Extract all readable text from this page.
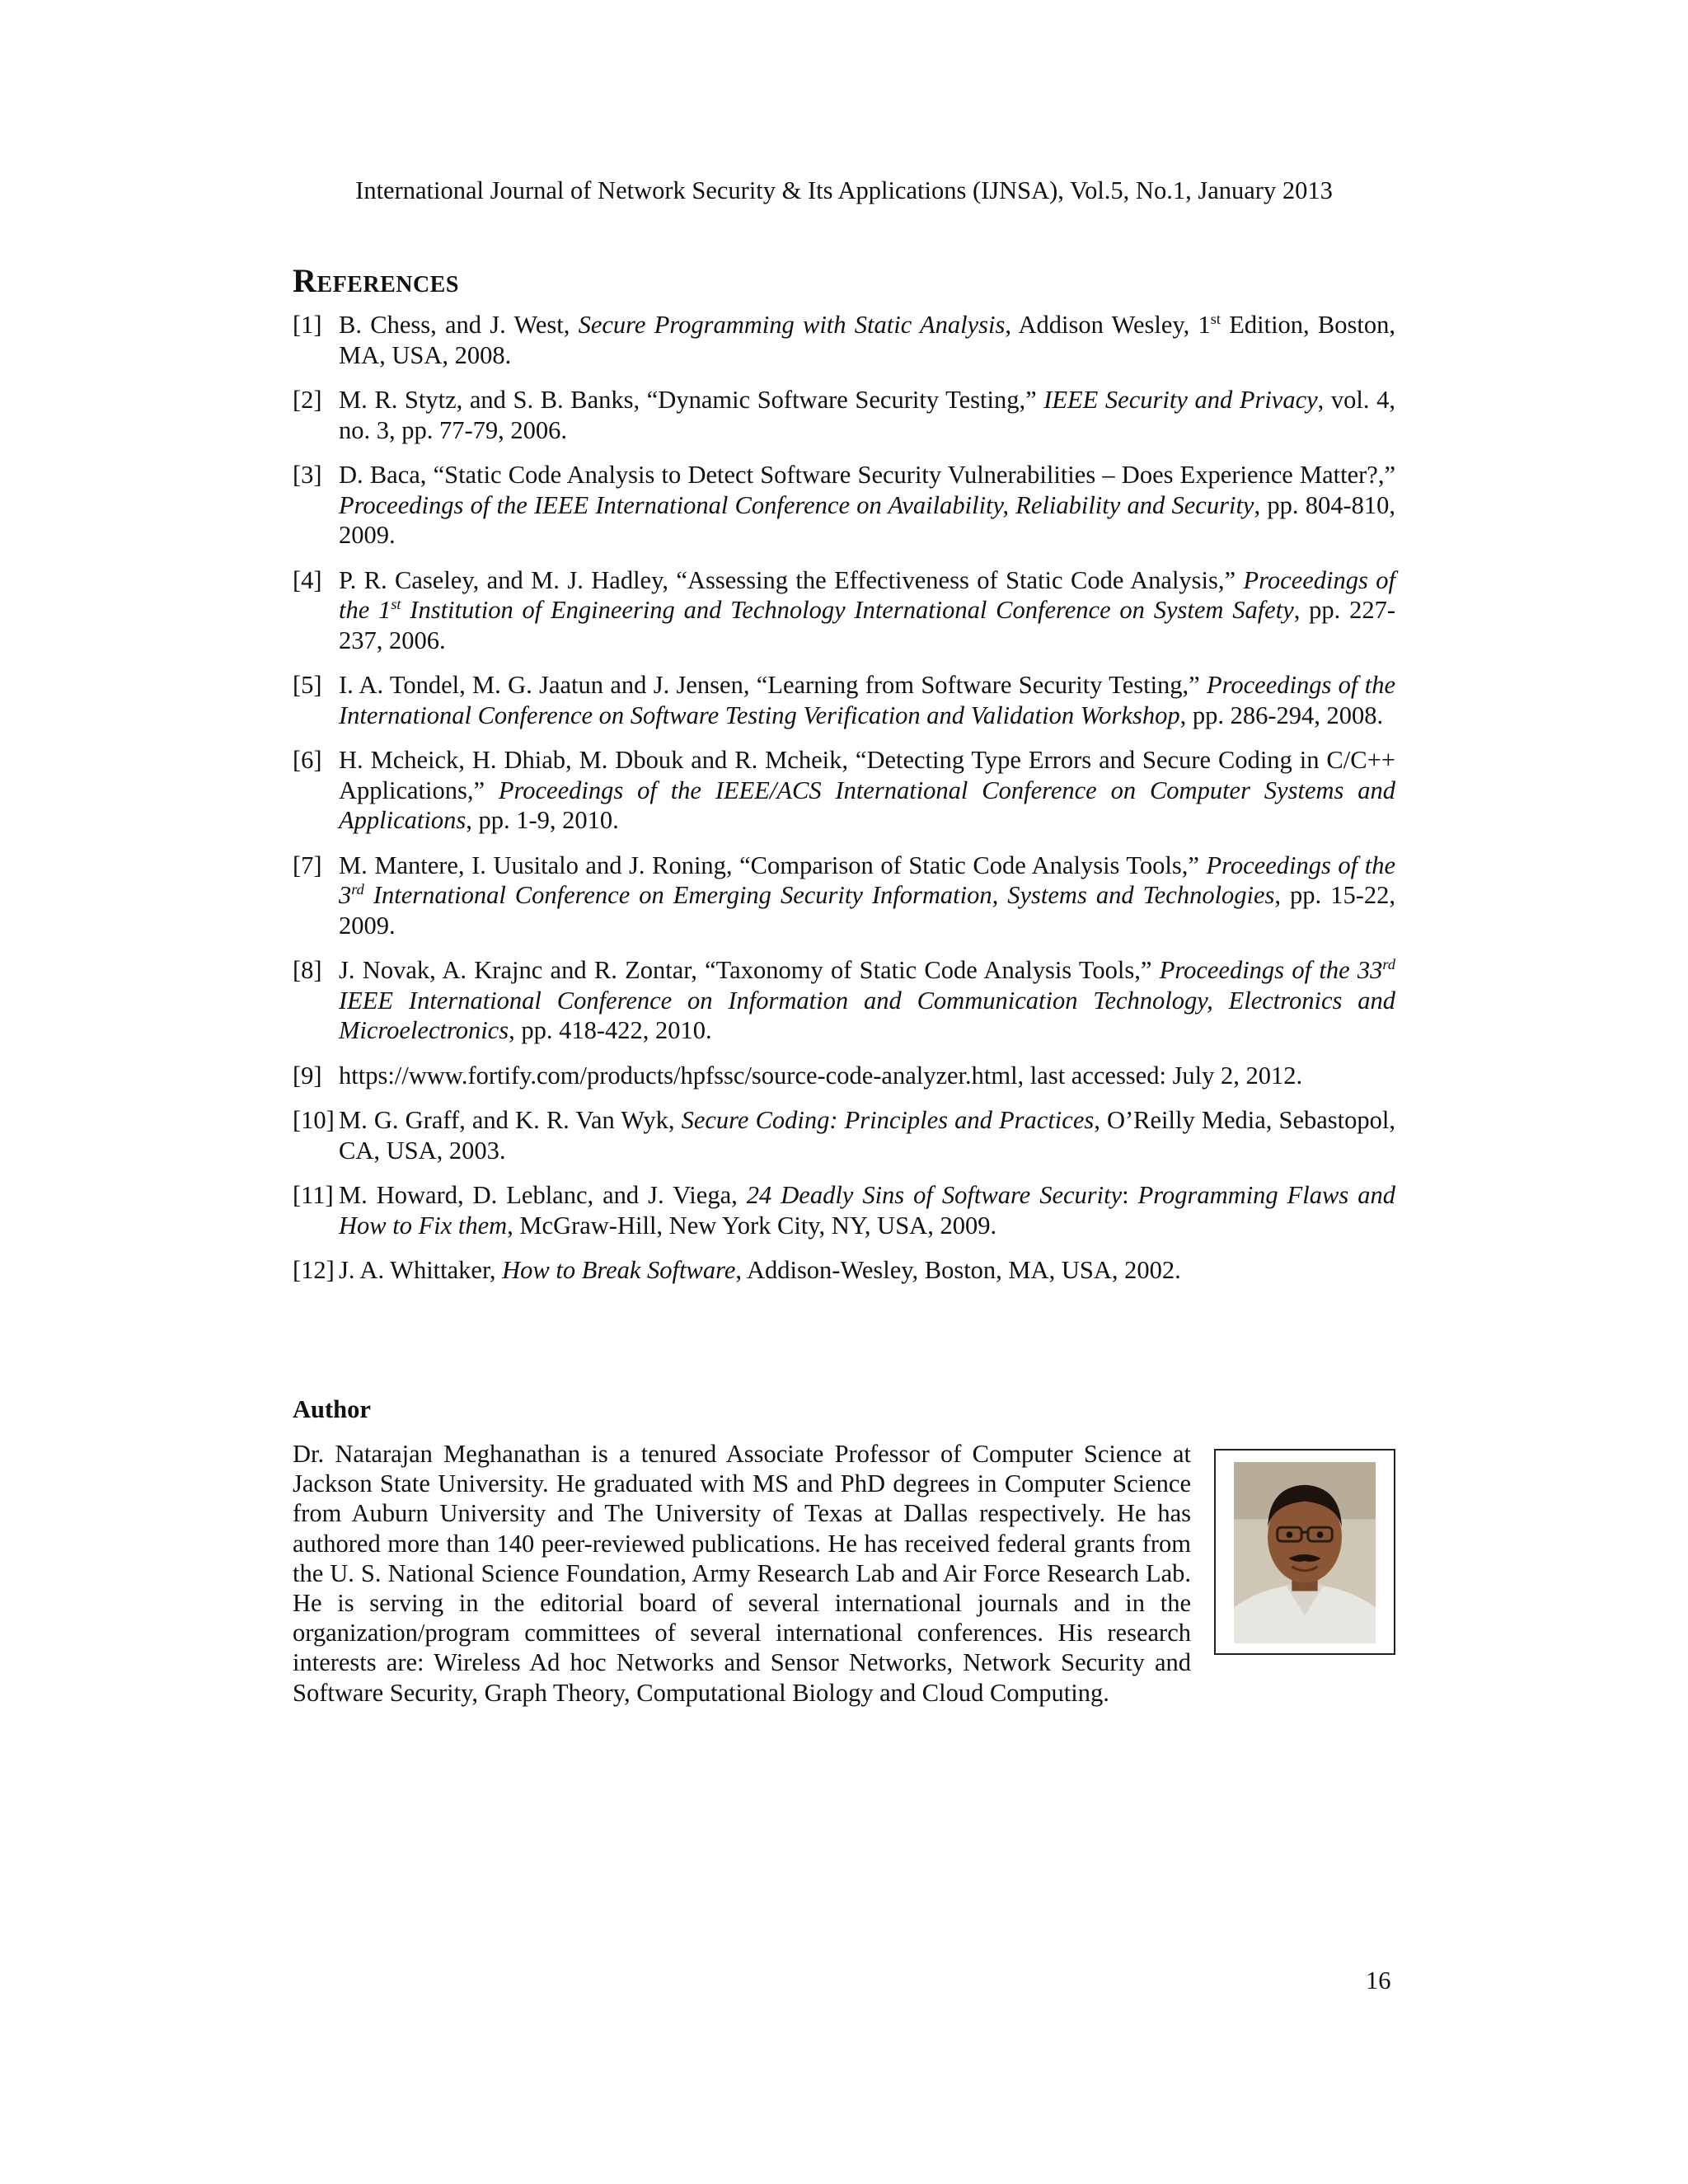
International Journal of Network Security & Its Applications (IJNSA), Vol.5, No.1, January 2013
References
[1] B. Chess, and J. West, Secure Programming with Static Analysis, Addison Wesley, 1st Edition, Boston, MA, USA, 2008.
[2] M. R. Stytz, and S. B. Banks, “Dynamic Software Security Testing,” IEEE Security and Privacy, vol. 4, no. 3, pp. 77-79, 2006.
[3] D. Baca, “Static Code Analysis to Detect Software Security Vulnerabilities – Does Experience Matter?,” Proceedings of the IEEE International Conference on Availability, Reliability and Security, pp. 804-810, 2009.
[4] P. R. Caseley, and M. J. Hadley, “Assessing the Effectiveness of Static Code Analysis,” Proceedings of the 1st Institution of Engineering and Technology International Conference on System Safety, pp. 227-237, 2006.
[5] I. A. Tondel, M. G. Jaatun and J. Jensen, “Learning from Software Security Testing,” Proceedings of the International Conference on Software Testing Verification and Validation Workshop, pp. 286-294, 2008.
[6] H. Mcheick, H. Dhiab, M. Dbouk and R. Mcheik, “Detecting Type Errors and Secure Coding in C/C++ Applications,” Proceedings of the IEEE/ACS International Conference on Computer Systems and Applications, pp. 1-9, 2010.
[7] M. Mantere, I. Uusitalo and J. Roning, “Comparison of Static Code Analysis Tools,” Proceedings of the 3rd International Conference on Emerging Security Information, Systems and Technologies, pp. 15-22, 2009.
[8] J. Novak, A. Krajnc and R. Zontar, “Taxonomy of Static Code Analysis Tools,” Proceedings of the 33rd IEEE International Conference on Information and Communication Technology, Electronics and Microelectronics, pp. 418-422, 2010.
[9] https://www.fortify.com/products/hpfssc/source-code-analyzer.html, last accessed: July 2, 2012.
[10] M. G. Graff, and K. R. Van Wyk, Secure Coding: Principles and Practices, O’Reilly Media, Sebastopol, CA, USA, 2003.
[11] M. Howard, D. Leblanc, and J. Viega, 24 Deadly Sins of Software Security: Programming Flaws and How to Fix them, McGraw-Hill, New York City, NY, USA, 2009.
[12] J. A. Whittaker, How to Break Software, Addison-Wesley, Boston, MA, USA, 2002.
Author
Dr. Natarajan Meghanathan is a tenured Associate Professor of Computer Science at Jackson State University. He graduated with MS and PhD degrees in Computer Science from Auburn University and The University of Texas at Dallas respectively. He has authored more than 140 peer-reviewed publications. He has received federal grants from the U. S. National Science Foundation, Army Research Lab and Air Force Research Lab. He is serving in the editorial board of several international journals and in the organization/program committees of several international conferences. His research interests are: Wireless Ad hoc Networks and Sensor Networks, Network Security and Software Security, Graph Theory, Computational Biology and Cloud Computing.
16
